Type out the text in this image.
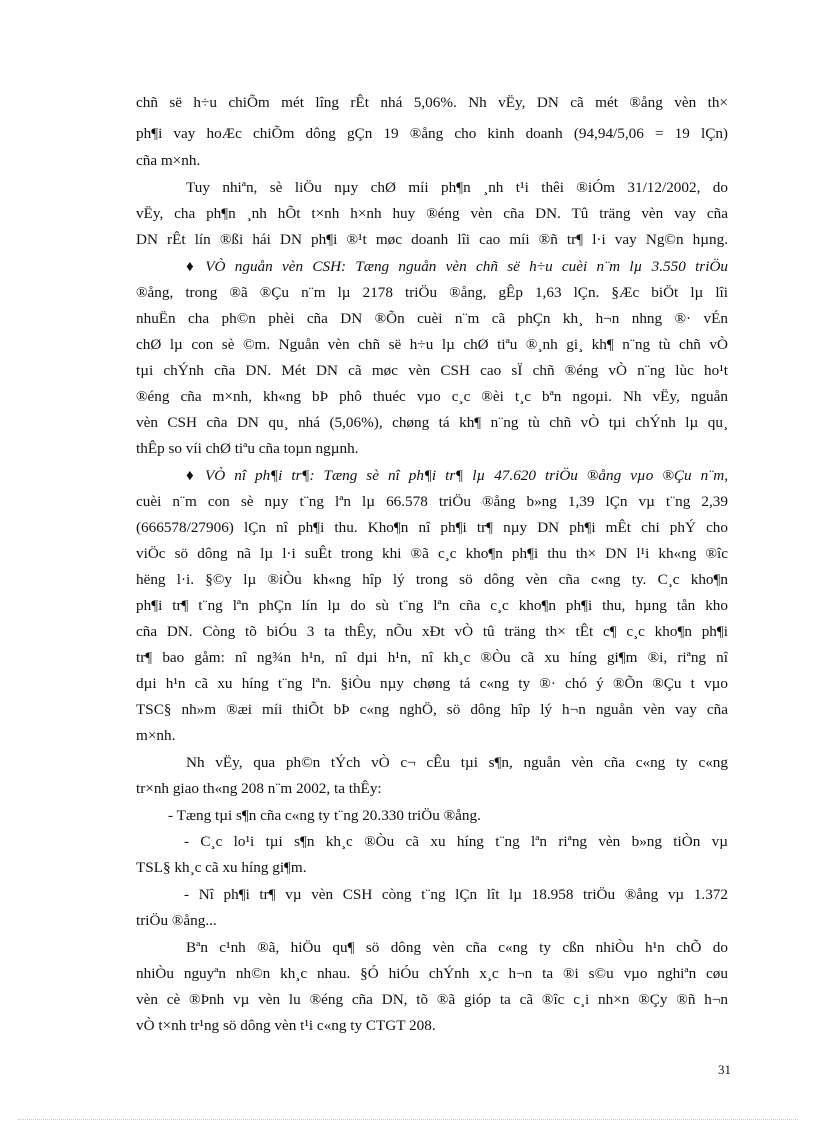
chñ së h÷u chiÕm mét lîng rÊt nhá 5,06%. Nh vËy, DN cã mét ®ång vèn th×
ph¶i vay hoÆc chiÕm dông gÇn 19 ®ång cho kinh doanh (94,94/5,06 = 19 lÇn)
cña m×nh.
Tuy nhiªn, sè liÖu nµy chØ míi ph¶n ¸nh t¹i thêi ®iÓm 31/12/2002, do
vËy, cha ph¶n ¸nh hÕt t×nh h×nh huy ®éng vèn cña DN. Tû träng vèn vay cña
DN rÊt lín ®ßi hái DN ph¶i ®¹t møc doanh lîi cao míi ®ñ tr¶ l·i vay Ng©n hµng.
♦ VÒ nguån vèn CSH: Tæng nguån vèn chñ së h÷u cuèi n¨m lµ 3.550 triÖu
®ång, trong ®ã ®Çu n¨m lµ 2178 triÖu ®ång, gÊp 1,63 lÇn. §Æc biÖt lµ lîi
nhuËn cha ph©n phèi cña DN ®Õn cuèi n¨m cã phÇn kh¸ h¬n nhng ®· vÉn
chØ lµ con sè ©m. Nguån vèn chñ së h÷u lµ chØ tiªu ®¸nh gi¸ kh¶ n¨ng tù chñ vÒ
tµi chÝnh cña DN. Mét DN cã møc vèn CSH cao sÏ chñ ®éng vÒ n¨ng lùc ho¹t
®éng cña m×nh, kh«ng bÞ phô thuéc vµo c¸c ®èi t¸c bªn ngoµi. Nh vËy, nguån
vèn CSH cña DN qu¸ nhá (5,06%), chøng tá kh¶ n¨ng tù chñ vÒ tµi chÝnh lµ qu¸
thÊp so víi chØ tiªu cña toµn ngµnh.
♦ VÒ nî ph¶i tr¶: Tæng sè nî ph¶i tr¶ lµ 47.620 triÖu ®ång vµo ®Çu n¨m,
cuèi n¨m con sè nµy t¨ng lªn lµ 66.578 triÖu ®ång b»ng 1,39 lÇn vµ t¨ng 2,39
(666578/27906) lÇn nî ph¶i thu. Kho¶n nî ph¶i tr¶ nµy DN ph¶i mÊt chi phÝ cho
viÖc sö dông nã lµ l·i suÊt trong khi ®ã c¸c kho¶n ph¶i thu th× DN l¹i kh«ng ®îc
hëng l·i. §©y lµ ®iÒu kh«ng hîp lý trong sö dông vèn cña c«ng ty. C¸c kho¶n
ph¶i tr¶ t¨ng lªn phÇn lín lµ do sù t¨ng lªn cña c¸c kho¶n ph¶i thu, hµng tån kho
cña DN. Còng tõ biÓu 3 ta thÊy, nÕu xÐt vÒ tû träng th× tÊt c¶ c¸c kho¶n ph¶i
tr¶ bao gåm: nî ng¾n h¹n, nî dµi h¹n, nî kh¸c ®Òu cã xu híng gi¶m ®i, riªng nî
dµi h¹n cã xu híng t¨ng lªn. §iÒu nµy chøng tá c«ng ty ®· chó ý ®Õn ®Çu t vµo
TSC§ nh»m ®æi míi thiÕt bÞ c«ng nghÖ, sö dông hîp lý h¬n nguån vèn vay cña
m×nh.
Nh vËy, qua ph©n tÝch vÒ c¬ cÊu tµi s¶n, nguån vèn cña c«ng ty c«ng
tr×nh giao th«ng 208 n¨m 2002, ta thÊy:
- Tæng tµi s¶n cña c«ng ty t¨ng 20.330 triÖu ®ång.
- C¸c lo¹i tµi s¶n kh¸c ®Òu cã xu híng t¨ng lªn riªng vèn b»ng tiÒn vµ
TSL§ kh¸c cã xu híng gi¶m.
- Nî ph¶i tr¶ vµ vèn CSH còng t¨ng lÇn lît lµ 18.958 triÖu ®ång vµ 1.372
triÖu ®ång...
Bªn c¹nh ®ã, hiÖu qu¶ sö dông vèn cña c«ng ty cßn nhiÒu h¹n chÕ do
nhiÒu nguyªn nh©n kh¸c nhau. §Ó hiÓu chÝnh x¸c h¬n ta ®i s©u vµo nghiªn cøu
vèn cè ®Þnh vµ vèn lu ®éng cña DN, tõ ®ã gióp ta cã ®îc c¸i nh×n ®Çy ®ñ h¬n
vÒ t×nh tr¹ng sö dông vèn t¹i c«ng ty CTGT 208.
31
